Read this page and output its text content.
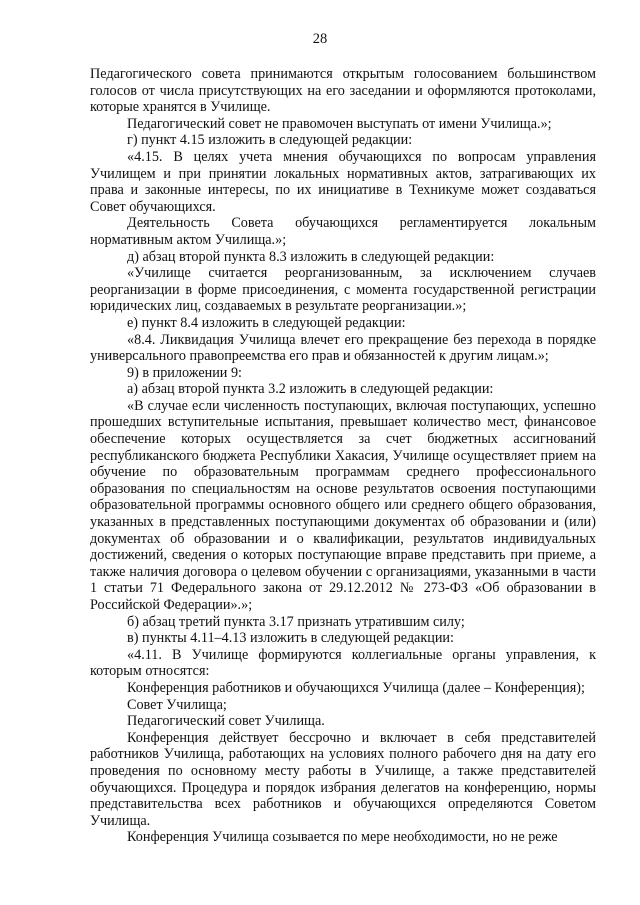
28

Педагогического совета принимаются открытым голосованием большинством голосов от числа присутствующих на его заседании и оформляются протоколами, которые хранятся в Училище.

Педагогический совет не правомочен выступать от имени Училища.»;

г) пункт 4.15 изложить в следующей редакции:

«4.15. В целях учета мнения обучающихся по вопросам управления Училищем и при принятии локальных нормативных актов, затрагивающих их права и законные интересы, по их инициативе в Техникуме может создаваться Совет обучающихся.

Деятельность Совета обучающихся регламентируется локальным нормативным актом Училища.»;

д) абзац второй пункта 8.3 изложить в следующей редакции:

«Училище считается реорганизованным, за исключением случаев реорганизации в форме присоединения, с момента государственной регистрации юридических лиц, создаваемых в результате реорганизации.»;

е) пункт 8.4 изложить в следующей редакции:

«8.4. Ликвидация Училища влечет его прекращение без перехода в порядке универсального правопреемства его прав и обязанностей к другим лицам.»;

9) в приложении 9:

а) абзац второй пункта 3.2 изложить в следующей редакции:

«В случае если численность поступающих, включая поступающих, успешно прошедших вступительные испытания, превышает количество мест, финансовое обеспечение которых осуществляется за счет бюджетных ассигнований республиканского бюджета Республики Хакасия, Училище осуществляет прием на обучение по образовательным программам среднего профессионального образования по специальностям на основе результатов освоения поступающими образовательной программы основного общего или среднего общего образования, указанных в представленных поступающими документах об образовании и (или) документах об образовании и о квалификации, результатов индивидуальных достижений, сведения о которых поступающие вправе представить при приеме, а также наличия договора о целевом обучении с организациями, указанными в части 1 статьи 71 Федерального закона от 29.12.2012 № 273-ФЗ «Об образовании в Российской Федерации».»;

б) абзац третий пункта 3.17 признать утратившим силу;

в) пункты 4.11–4.13 изложить в следующей редакции:

«4.11. В Училище формируются коллегиальные органы управления, к которым относятся:

Конференция работников и обучающихся Училища (далее – Конференция);

Совет Училища;

Педагогический совет Училища.

Конференция действует бессрочно и включает в себя представителей работников Училища, работающих на условиях полного рабочего дня на дату его проведения по основному месту работы в Училище, а также представителей обучающихся. Процедура и порядок избрания делегатов на конференцию, нормы представительства всех работников и обучающихся определяются Советом Училища.

Конференция Училища созывается по мере необходимости, но не реже
